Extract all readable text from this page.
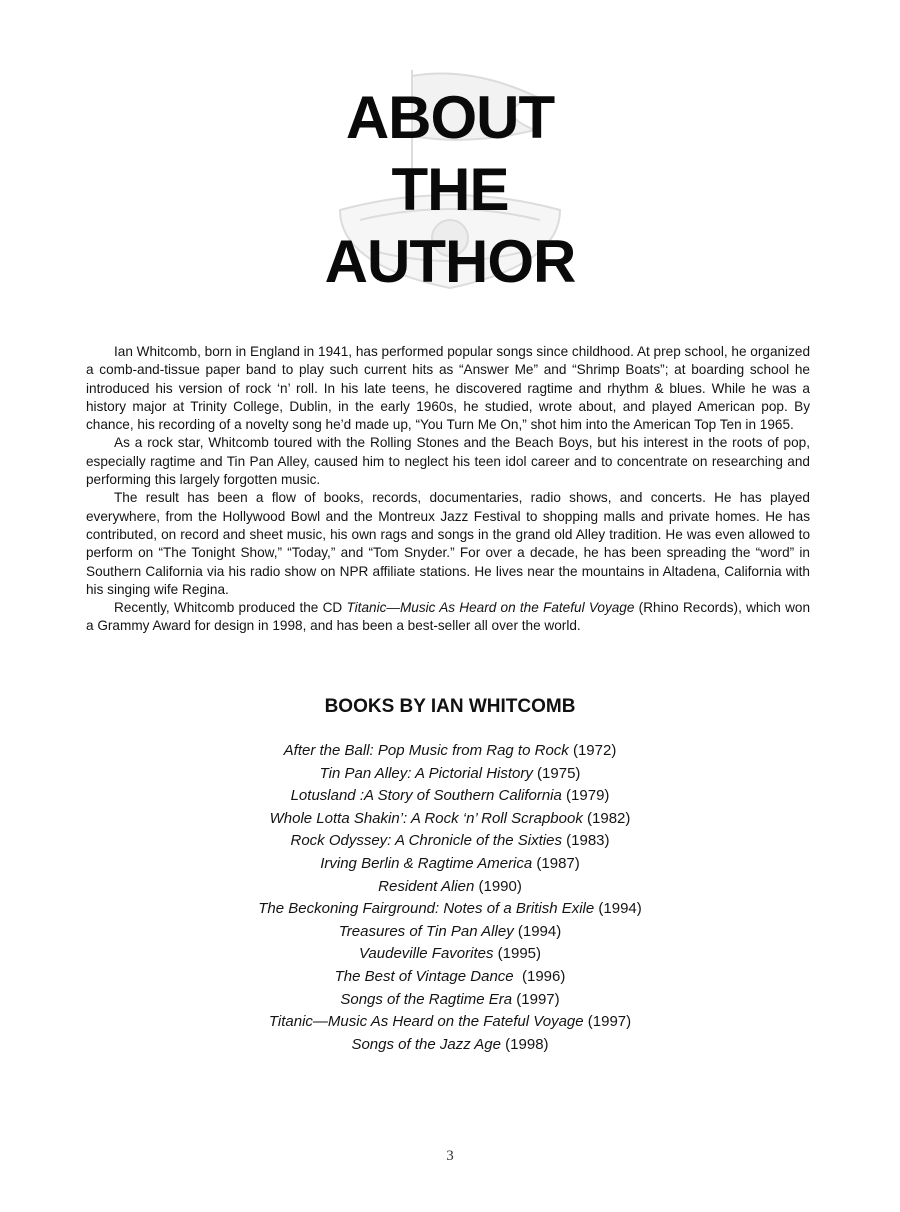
ABOUT
THE
AUTHOR

Ian Whitcomb, born in England in 1941, has performed popular songs since childhood. At prep school, he organized a comb-and-tissue paper band to play such current hits as “Answer Me” and “Shrimp Boats”; at boarding school he introduced his version of rock ‘n’ roll. In his late teens, he discovered ragtime and rhythm & blues. While he was a history major at Trinity College, Dublin, in the early 1960s, he studied, wrote about, and played American pop. By chance, his recording of a novelty song he’d made up, “You Turn Me On,” shot him into the American Top Ten in 1965.

As a rock star, Whitcomb toured with the Rolling Stones and the Beach Boys, but his interest in the roots of pop, especially ragtime and Tin Pan Alley, caused him to neglect his teen idol career and to concentrate on researching and performing this largely forgotten music.

The result has been a flow of books, records, documentaries, radio shows, and concerts. He has played everywhere, from the Hollywood Bowl and the Montreux Jazz Festival to shopping malls and private homes. He has contributed, on record and sheet music, his own rags and songs in the grand old Alley tradition. He was even allowed to perform on “The Tonight Show,” “Today,” and “Tom Snyder.” For over a decade, he has been spreading the “word” in Southern California via his radio show on NPR affiliate stations. He lives near the mountains in Altadena, California with his singing wife Regina.

Recently, Whitcomb produced the CD Titanic—Music As Heard on the Fateful Voyage (Rhino Records), which won a Grammy Award for design in 1998, and has been a best-seller all over the world.

BOOKS BY IAN WHITCOMB
After the Ball: Pop Music from Rag to Rock (1972)
Tin Pan Alley: A Pictorial History (1975)
Lotusland :A Story of Southern California (1979)
Whole Lotta Shakin’: A Rock ‘n’ Roll Scrapbook (1982)
Rock Odyssey: A Chronicle of the Sixties (1983)
Irving Berlin & Ragtime America (1987)
Resident Alien (1990)
The Beckoning Fairground: Notes of a British Exile (1994)
Treasures of Tin Pan Alley (1994)
Vaudeville Favorites (1995)
The Best of Vintage Dance  (1996)
Songs of the Ragtime Era (1997)
Titanic—Music As Heard on the Fateful Voyage (1997)
Songs of the Jazz Age (1998)
3
